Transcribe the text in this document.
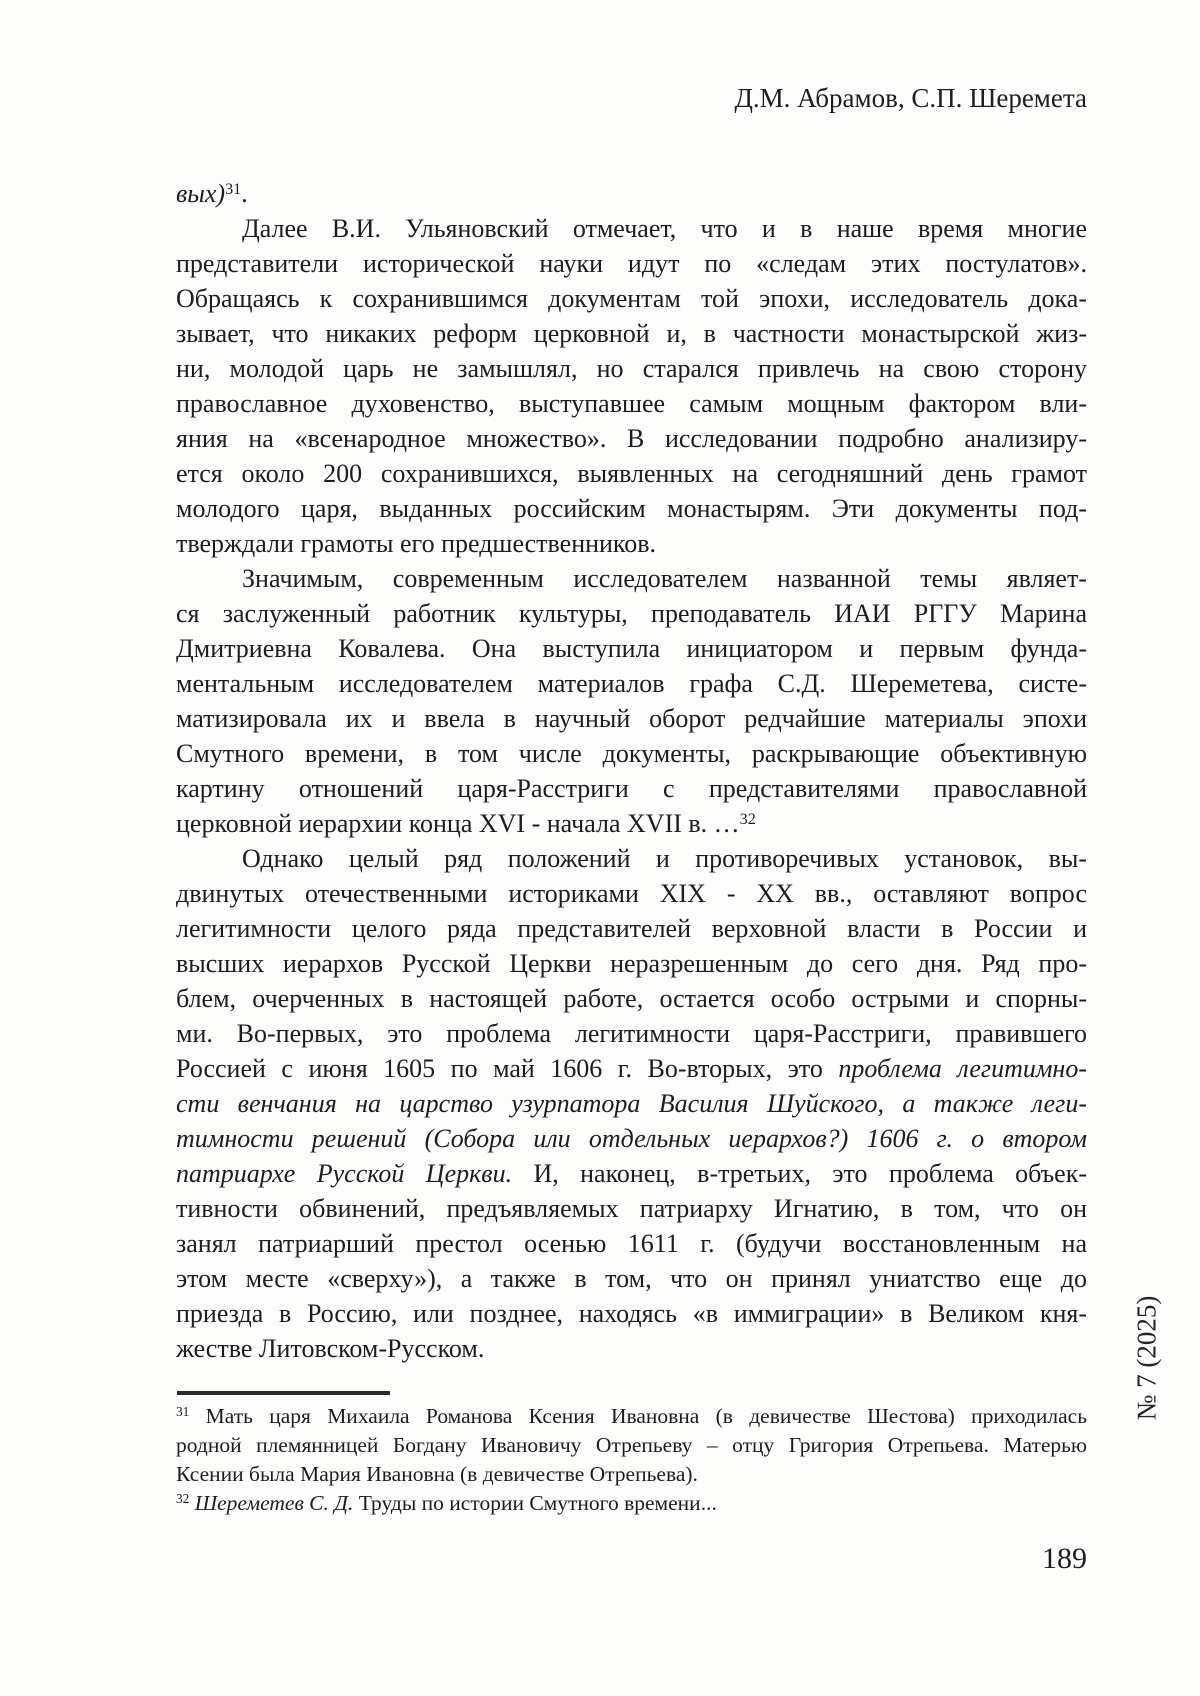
Д.М. Абрамов, С.П. Шеремета
вых)$^{31}$.
Далее В.И. Ульяновский отмечает, что и в наше время многие
представители исторической науки идут по «следам этих постулатов».
Обращаясь к сохранившимся документам той эпохи, исследователь дока-
зывает, что никаких реформ церковной и, в частности монастырской жиз-
ни, молодой царь не замышлял, но старался привлечь на свою сторону
православное духовенство, выступавшее самым мощным фактором вли-
яния на «всенародное множество». В исследовании подробно анализиру-
ется около 200 сохранившихся, выявленных на сегодняшний день грамот
молодого царя, выданных российским монастырям. Эти документы под-
тверждали грамоты его предшественников.
Значимым, современным исследователем названной темы являет-
ся заслуженный работник культуры, преподаватель ИАИ РГГУ Марина
Дмитриевна Ковалева. Она выступила инициатором и первым фунда-
ментальным исследователем материалов графа С.Д. Шереметева, систе-
матизировала их и ввела в научный оборот редчайшие материалы эпохи
Смутного времени, в том числе документы, раскрывающие объективную
картину отношений царя-Расстриги с представителями православной
церковной иерархии конца XVI - начала XVII в. …$^{32}$
Однако целый ряд положений и противоречивых установок, вы-
двинутых отечественными историками XIX - XX вв., оставляют вопрос
легитимности целого ряда представителей верховной власти в России и
высших иерархов Русской Церкви неразрешенным до сего дня. Ряд про-
блем, очерченных в настоящей работе, остается особо острыми и спорны-
ми. Во-первых, это проблема легитимности царя-Расстриги, правившего
Россией с июня 1605 по май 1606 г. Во-вторых, это проблема легитимно-
сти венчания на царство узурпатора Василия Шуйского, а также леги-
тимности решений (Собора или отдельных иерархов?) 1606 г. о втором
патриархе Русской Церкви. И, наконец, в-третьих, это проблема объек-
тивности обвинений, предъявляемых патриарху Игнатию, в том, что он
занял патриарший престол осенью 1611 г. (будучи восстановленным на
этом месте «сверху»), а также в том, что он принял униатство еще до
приезда в Россию, или позднее, находясь «в иммиграции» в Великом кня-
жестве Литовском-Русском.
$^{31}$ Мать царя Михаила Романова Ксения Ивановна (в девичестве Шестова) приходилась
родной племянницей Богдану Ивановичу Отрепьеву – отцу Григория Отрепьева. Матерью
Ксении была Мария Ивановна (в девичестве Отрепьева).
$^{32}$ Шереметев С. Д. Труды по истории Смутного времени...
№ 7 (2025)
189
